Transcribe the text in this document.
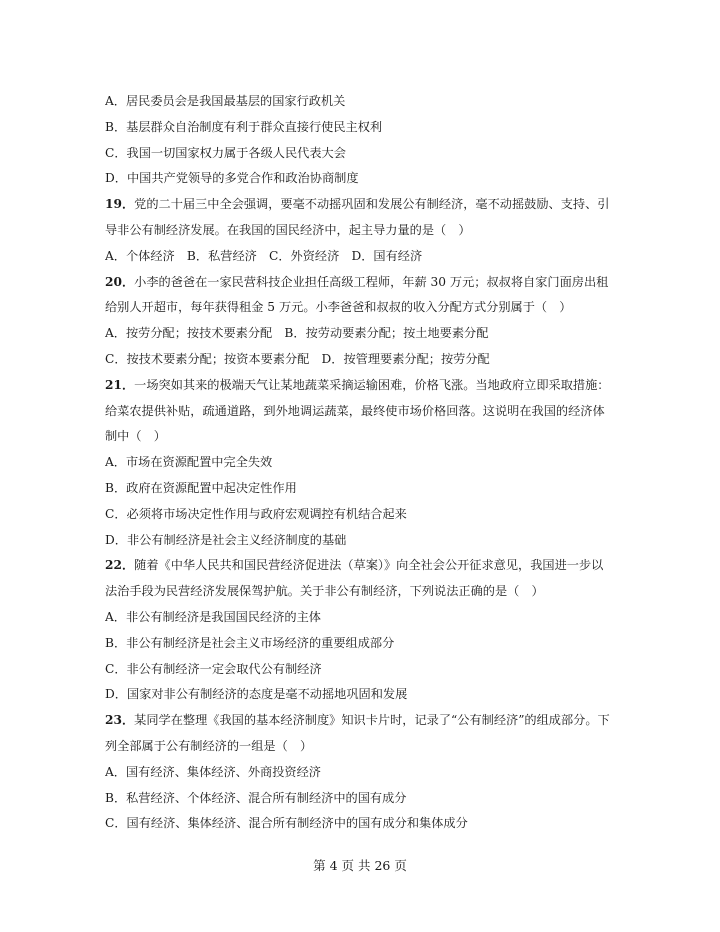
A．居民委员会是我国最基层的国家行政机关
B．基层群众自治制度有利于群众直接行使民主权利
C．我国一切国家权力属于各级人民代表大会
D．中国共产党领导的多党合作和政治协商制度
19．党的二十届三中全会强调，要毫不动摇巩固和发展公有制经济，毫不动摇鼓励、支持、引
导非公有制经济发展。在我国的国民经济中，起主导力量的是（　）
A．个体经济　B．私营经济　C．外资经济　D．国有经济
20．小李的爸爸在一家民营科技企业担任高级工程师，年薪 30 万元；叔叔将自家门面房出租
给别人开超市，每年获得租金 5 万元。小李爸爸和叔叔的收入分配方式分别属于（　）
A．按劳分配；按技术要素分配　B．按劳动要素分配；按土地要素分配
C．按技术要素分配；按资本要素分配　D．按管理要素分配；按劳分配
21．一场突如其来的极端天气让某地蔬菜采摘运输困难，价格飞涨。当地政府立即采取措施：
给菜农提供补贴，疏通道路，到外地调运蔬菜，最终使市场价格回落。这说明在我国的经济体
制中（　）
A．市场在资源配置中完全失效
B．政府在资源配置中起决定性作用
C．必须将市场决定性作用与政府宏观调控有机结合起来
D．非公有制经济是社会主义经济制度的基础
22．随着《中华人民共和国民营经济促进法（草案）》向全社会公开征求意见，我国进一步以
法治手段为民营经济发展保驾护航。关于非公有制经济，下列说法正确的是（　）
A．非公有制经济是我国国民经济的主体
B．非公有制经济是社会主义市场经济的重要组成部分
C．非公有制经济一定会取代公有制经济
D．国家对非公有制经济的态度是毫不动摇地巩固和发展
23．某同学在整理《我国的基本经济制度》知识卡片时，记录了“公有制经济”的组成部分。下
列全部属于公有制经济的一组是（　）
A．国有经济、集体经济、外商投资经济
B．私营经济、个体经济、混合所有制经济中的国有成分
C．国有经济、集体经济、混合所有制经济中的国有成分和集体成分
第 4 页 共 26 页
